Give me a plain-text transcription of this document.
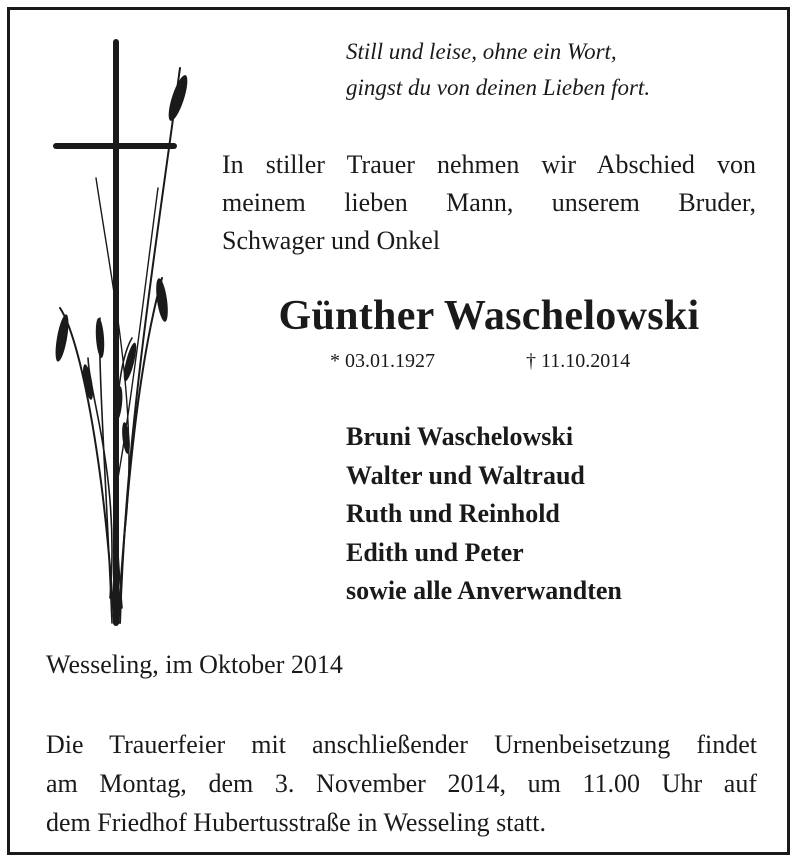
Still und leise, ohne ein Wort,
gingst du von deinen Lieben fort.
In stiller Trauer nehmen wir Abschied von
meinem lieben Mann, unserem Bruder,
Schwager und Onkel
Günther Waschelowski
* 03.01.1927	† 11.10.2014
Bruni Waschelowski
Walter und Waltraud
Ruth und Reinhold
Edith und Peter
sowie alle Anverwandten
Wesseling, im Oktober 2014
Die Trauerfeier mit anschließender Urnenbeisetzung findet
am Montag, dem 3. November 2014, um 11.00 Uhr auf
dem Friedhof Hubertusstraße in Wesseling statt.
